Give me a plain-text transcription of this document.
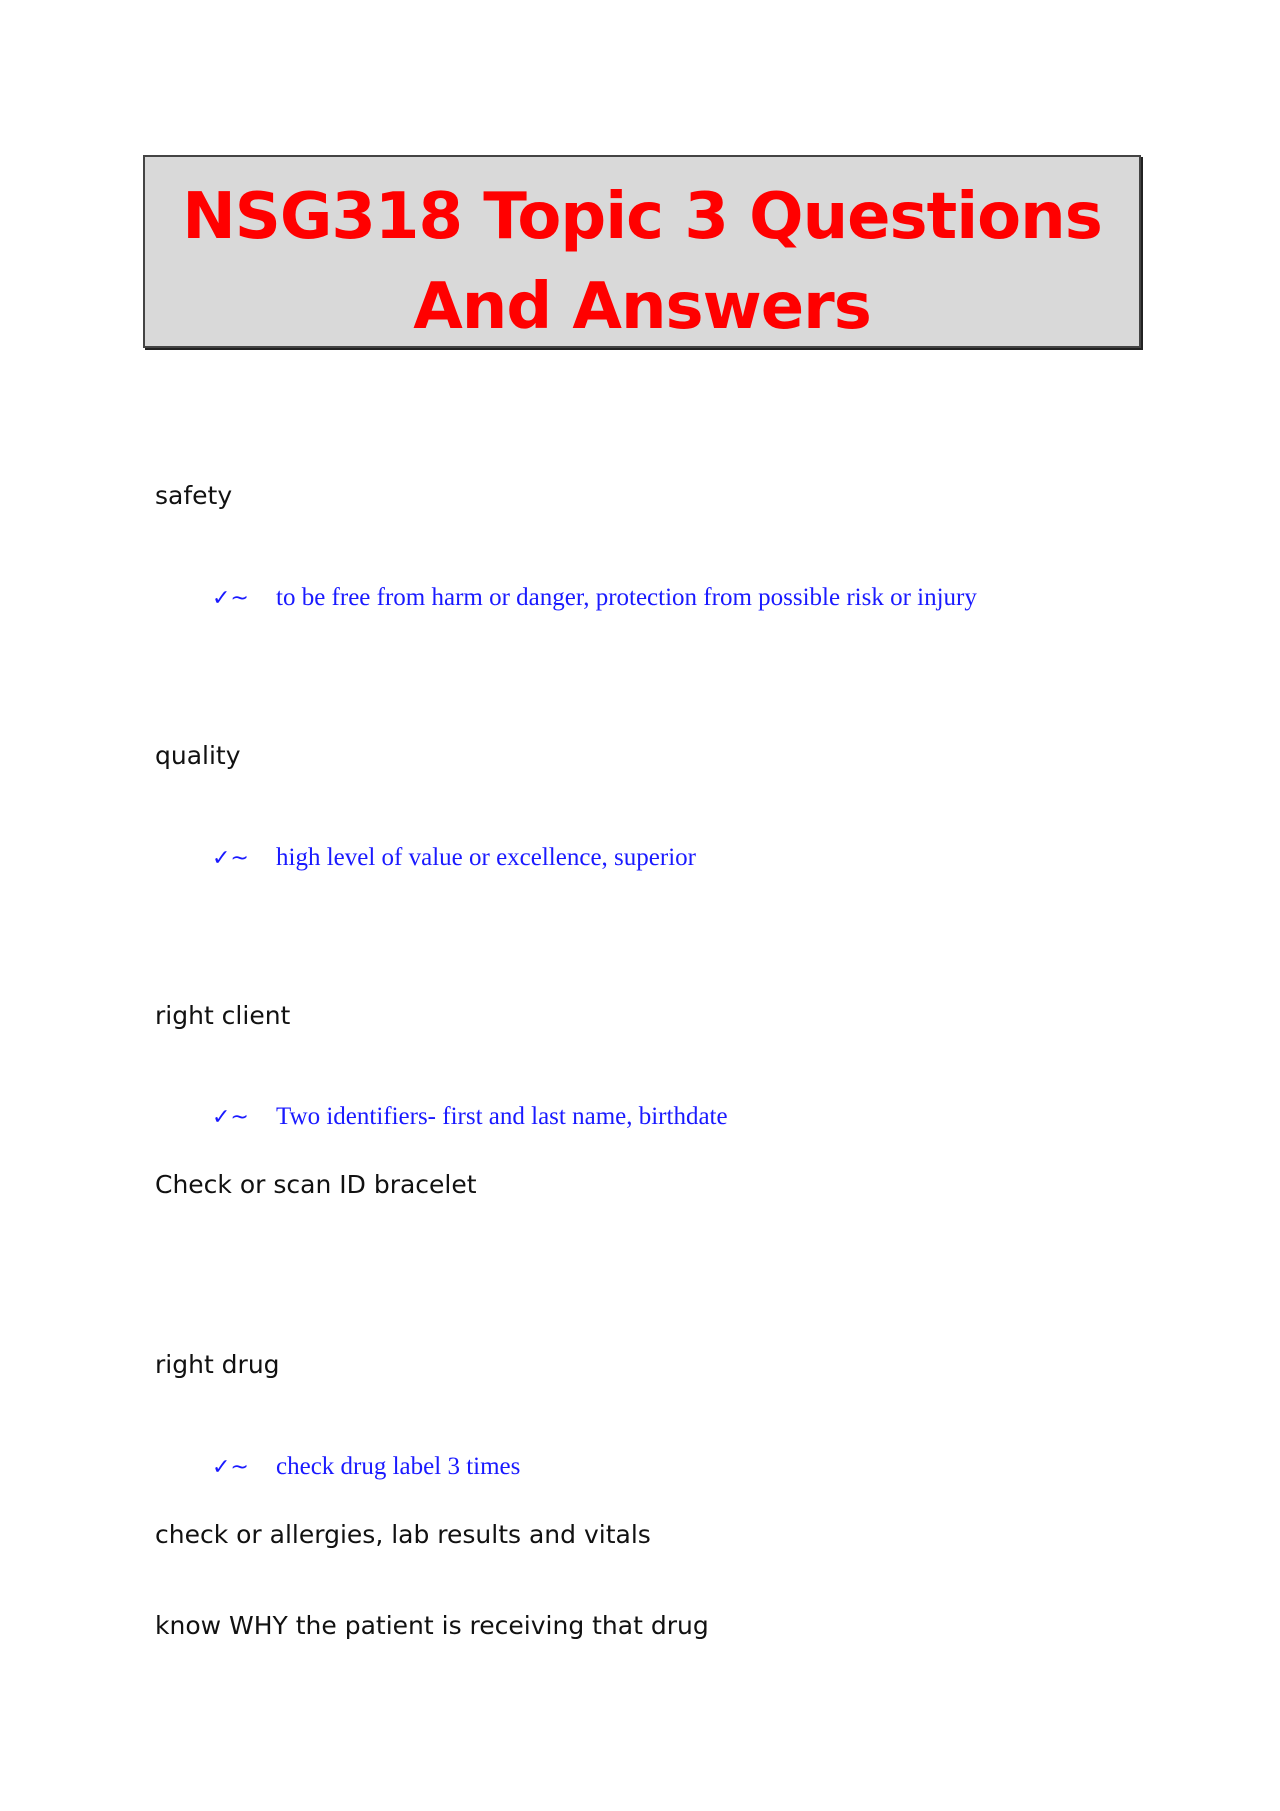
NSG318 Topic 3 Questions
And Answers
safety
✓~ to be free from harm or danger, protection from possible risk or injury
quality
✓~ high level of value or excellence, superior
right client
✓~ Two identifiers- first and last name, birthdate
Check or scan ID bracelet
right drug
✓~ check drug label 3 times
check or allergies, lab results and vitals
know WHY the patient is receiving that drug
